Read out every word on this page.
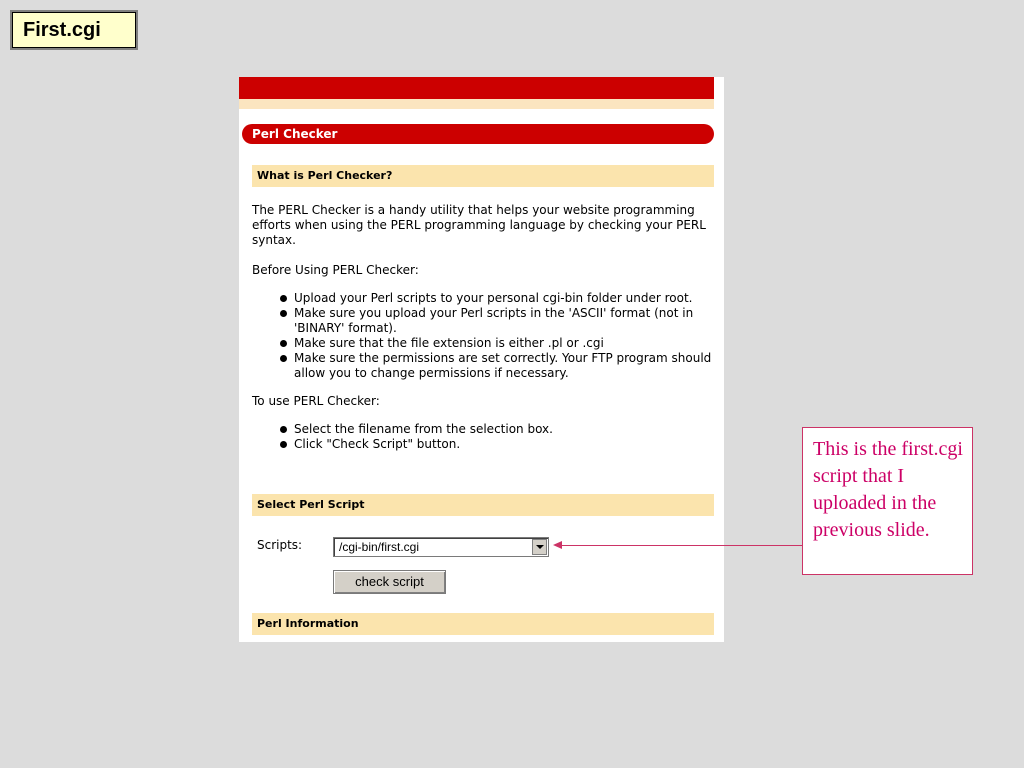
First.cgi
Perl Checker
What is Perl Checker?

The PERL Checker is a handy utility that helps your website programming efforts when using the PERL programming language by checking your PERL syntax.

Before Using PERL Checker:

Upload your Perl scripts to your personal cgi-bin folder under root.
Make sure you upload your Perl scripts in the 'ASCII' format (not in 'BINARY' format).
Make sure that the file extension is either .pl or .cgi
Make sure the permissions are set correctly. Your FTP program should allow you to change permissions if necessary.

To use PERL Checker:

Select the filename from the selection box.
Click "Check Script" button.
Select Perl Script
Scripts:	/cgi-bin/first.cgi
check script
Perl Information
This is the first.cgi script that I uploaded in the previous slide.
